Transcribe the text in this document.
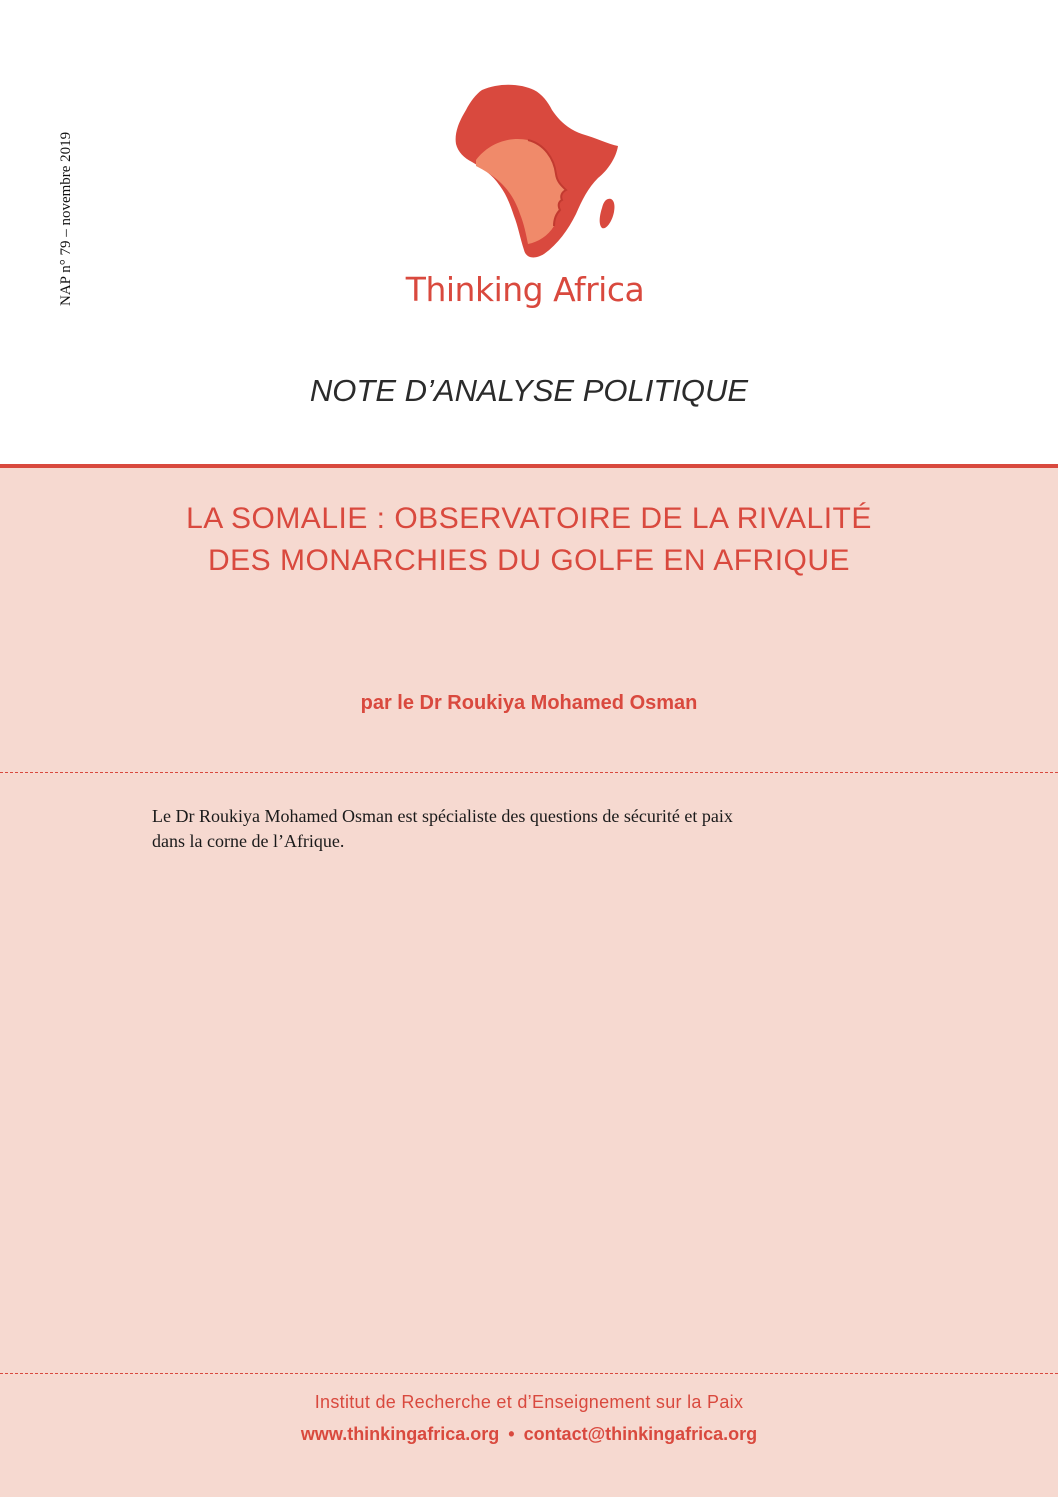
NAP n° 79 – novembre 2019	Thinking Africa
NOTE D’ANALYSE POLITIQUE
LA SOMALIE : OBSERVATOIRE DE LA RIVALITÉ
DES MONARCHIES DU GOLFE EN AFRIQUE
par le Dr Roukiya Mohamed Osman
Le Dr Roukiya Mohamed Osman est spécialiste des questions de sécurité et paix
dans la corne de l’Afrique.
Institut de Recherche et d’Enseignement sur la Paix
www.thinkingafrica.org • contact@thinkingafrica.org
